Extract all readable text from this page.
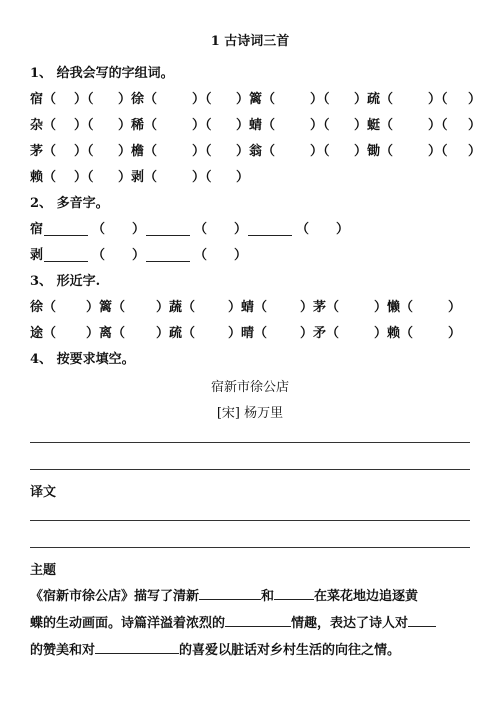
1 古诗词三首
1、 给我会写的字组词。
宿（ ）（ ）徐（	）（ ）篱（	）（ ）疏（	）（ ）
杂（ ）（ ）稀（	）（ ）蜻（	）（ ）蜓（	）（ ）
茅（ ）（ ）檐（	）（ ）翁（	）（ ）锄（	）（ ）
赖（ ）（ ）剥（	）（ ）
2、 多音字。
宿	（ ）	（ ）	（ ）
剥	（ ）	（ ）
3、 形近字.
徐（ ）篱（ ）蔬（	）蜻（	）茅（	）懒（	）
途（ ）离（ ）疏（	）晴（	）矛（	）赖（	）
4、 按要求填空。
宿新市徐公店
[宋] 杨万里
译文
主题
《宿新市徐公店》描写了清新	和	在菜花地边追逐黄
蝶的生动画面。诗篇洋溢着浓烈的	情趣，表达了诗人对
的赞美和对	的喜爱以脏话对乡村生活的向往之情。
